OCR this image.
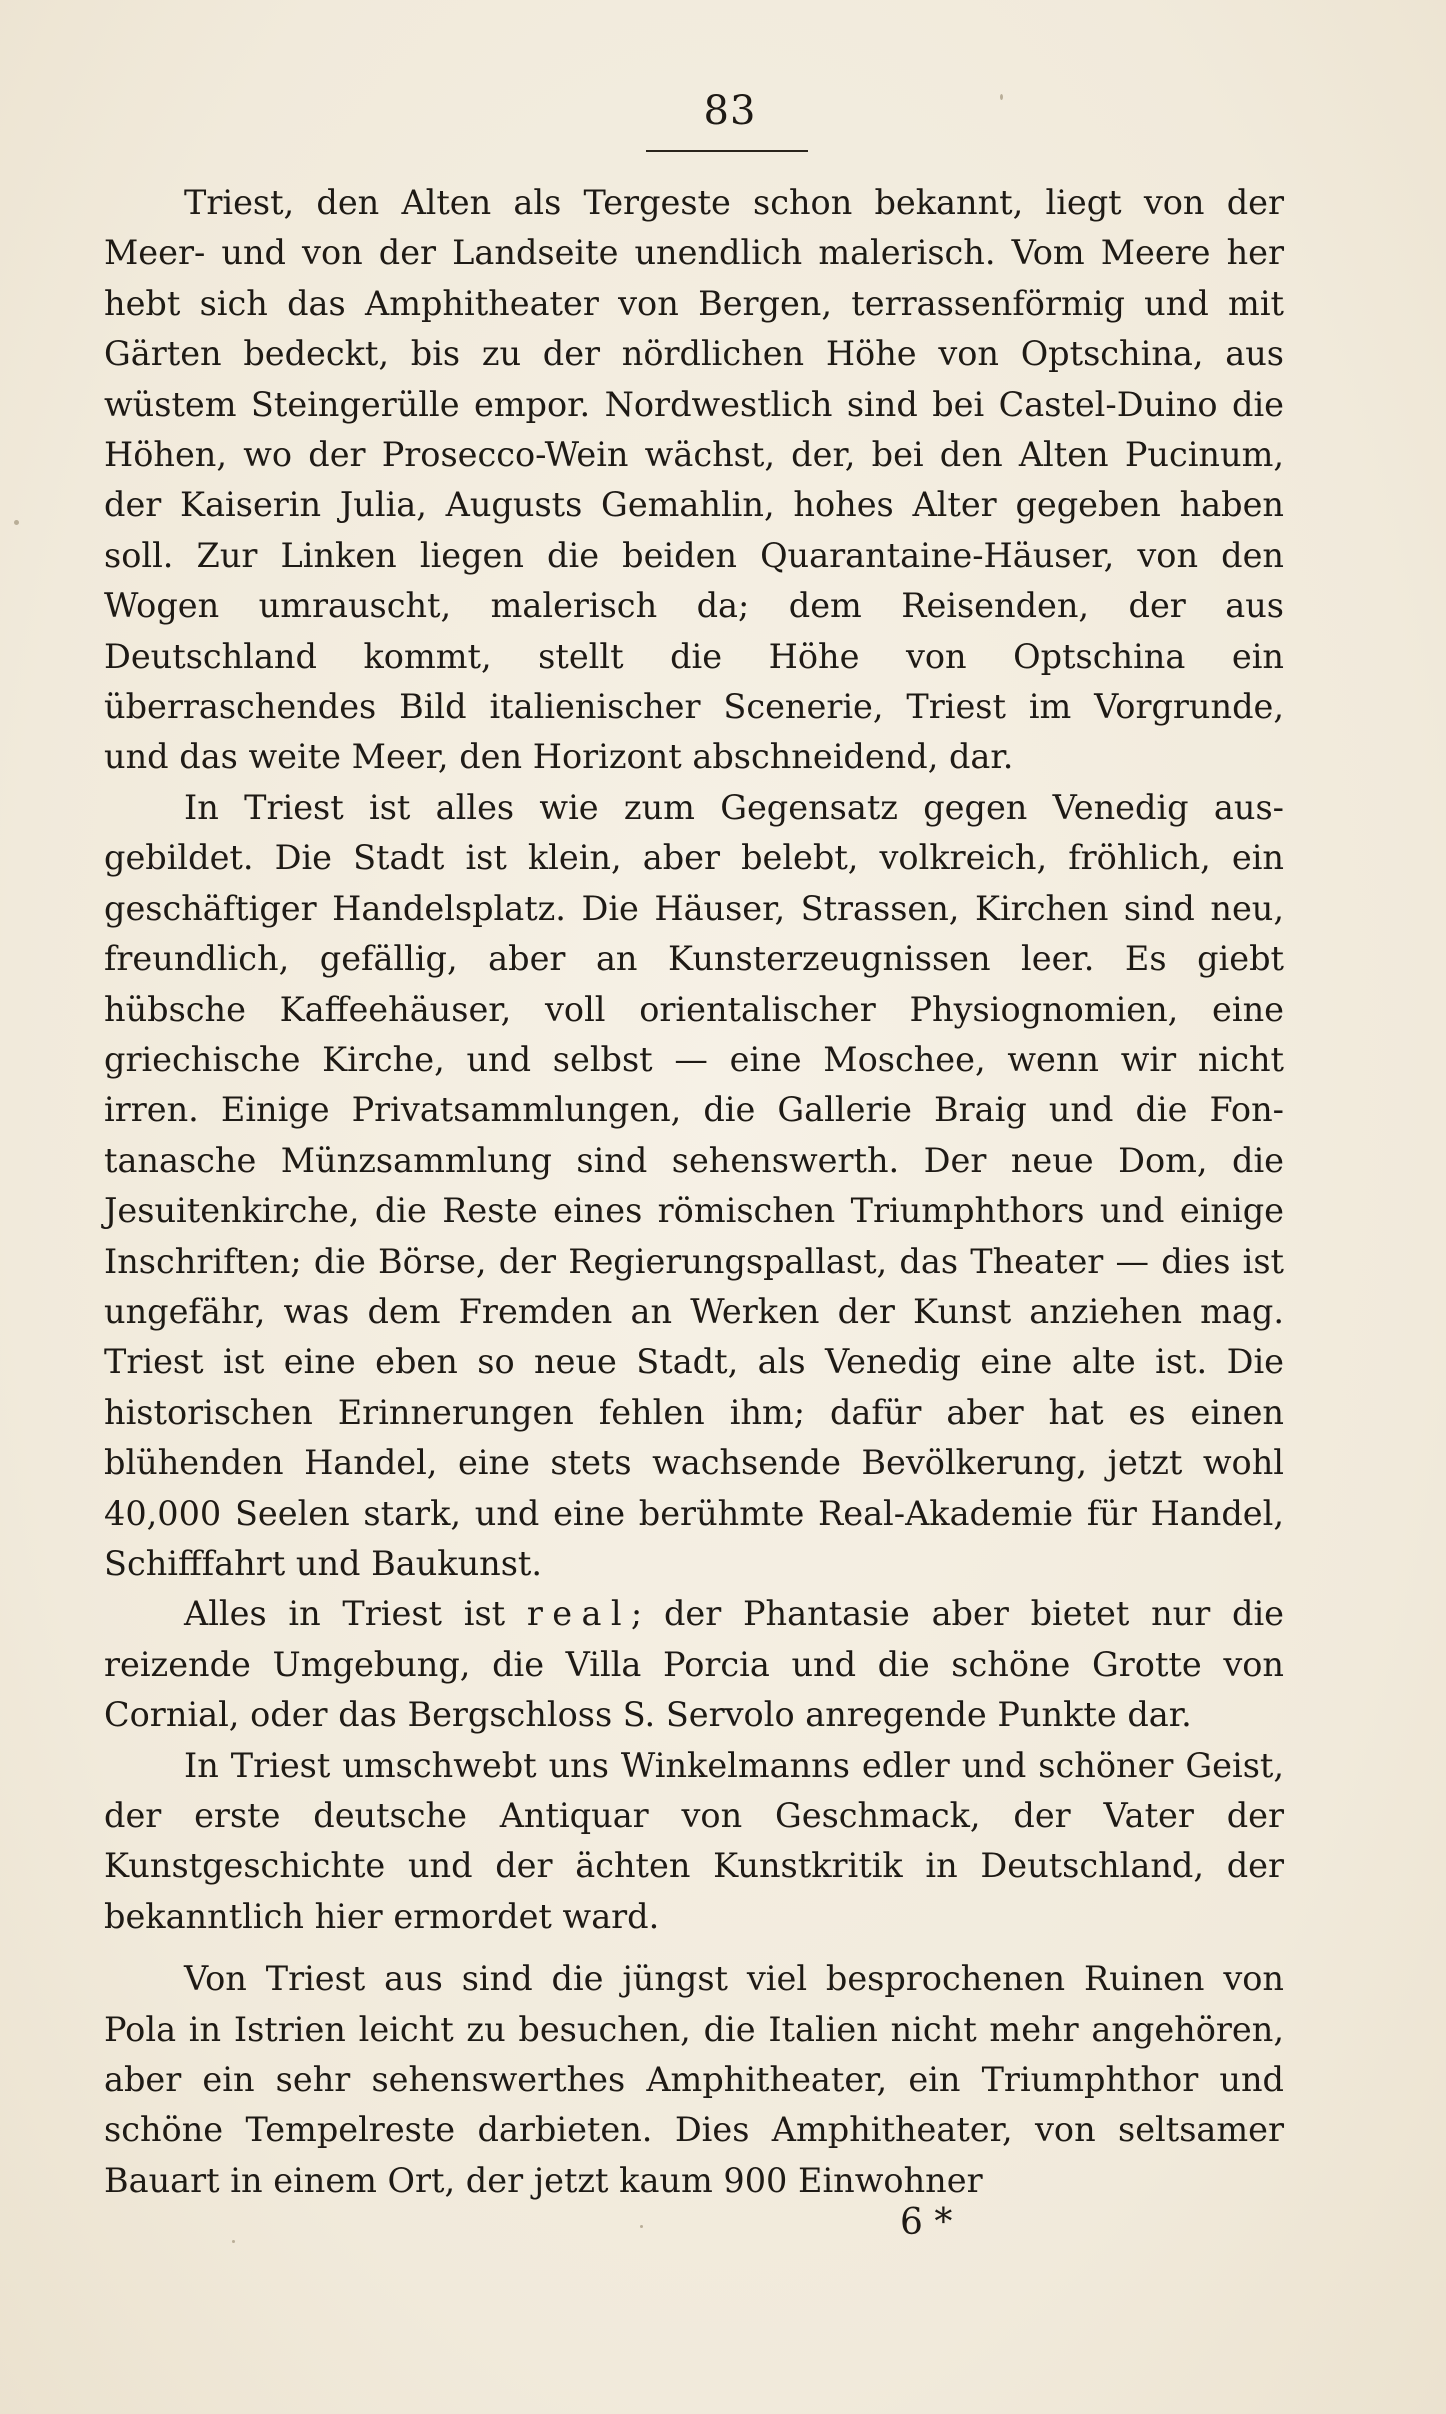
83

Triest, den Alten als Tergeste schon bekannt, liegt von der Meer- und von der Landseite unendlich malerisch. Vom Meere her hebt sich das Amphitheater von Bergen, terrassenförmig und mit Gärten bedeckt, bis zu der nördlichen Höhe von Optschina, aus wüstem Steingerülle empor. Nordwestlich sind bei Castel-Duino die Höhen, wo der Prosecco-Wein wächst, der, bei den Alten Pucinum, der Kaiserin Julia, Augusts Gemahlin, hohes Alter gegeben haben soll. Zur Linken liegen die beiden Quarantaine-Häuser, von den Wogen umrauscht, malerisch da; dem Reisenden, der aus Deutschland kommt, stellt die Höhe von Optschina ein überraschendes Bild italienischer Scenerie, Triest im Vorgrunde, und das weite Meer, den Horizont abschneidend, dar.

In Triest ist alles wie zum Gegensatz gegen Venedig ausgebildet. Die Stadt ist klein, aber belebt, volkreich, fröhlich, ein geschäftiger Handelsplatz. Die Häuser, Strassen, Kirchen sind neu, freundlich, gefällig, aber an Kunsterzeugnissen leer. Es giebt hübsche Kaffeehäuser, voll orientalischer Physiognomien, eine griechische Kirche, und selbst — eine Moschee, wenn wir nicht irren. Einige Privatsammlungen, die Gallerie Braig und die Fontanasche Münzsammlung sind sehenswerth. Der neue Dom, die Jesuitenkirche, die Reste eines römischen Triumphthors und einige Inschriften; die Börse, der Regierungspallast, das Theater — dies ist ungefähr, was dem Fremden an Werken der Kunst anziehen mag. Triest ist eine eben so neue Stadt, als Venedig eine alte ist. Die historischen Erinnerungen fehlen ihm; dafür aber hat es einen blühenden Handel, eine stets wachsende Bevölkerung, jetzt wohl 40,000 Seelen stark, und eine berühmte Real-Akademie für Handel, Schifffahrt und Baukunst.

Alles in Triest ist real; der Phantasie aber bietet nur die reizende Umgebung, die Villa Porcia und die schöne Grotte von Cornial, oder das Bergschloss S. Servolo anregende Punkte dar.

In Triest umschwebt uns Winkelmanns edler und schöner Geist, der erste deutsche Antiquar von Geschmack, der Vater der Kunstgeschichte und der ächten Kunstkritik in Deutschland, der bekanntlich hier ermordet ward.

Von Triest aus sind die jüngst viel besprochenen Ruinen von Pola in Istrien leicht zu besuchen, die Italien nicht mehr angehören, aber ein sehr sehenswerthes Amphitheater, ein Triumphthor und schöne Tempelreste darbieten. Dies Amphitheater, von seltsamer Bauart in einem Ort, der jetzt kaum 900 Einwohner

6 *
